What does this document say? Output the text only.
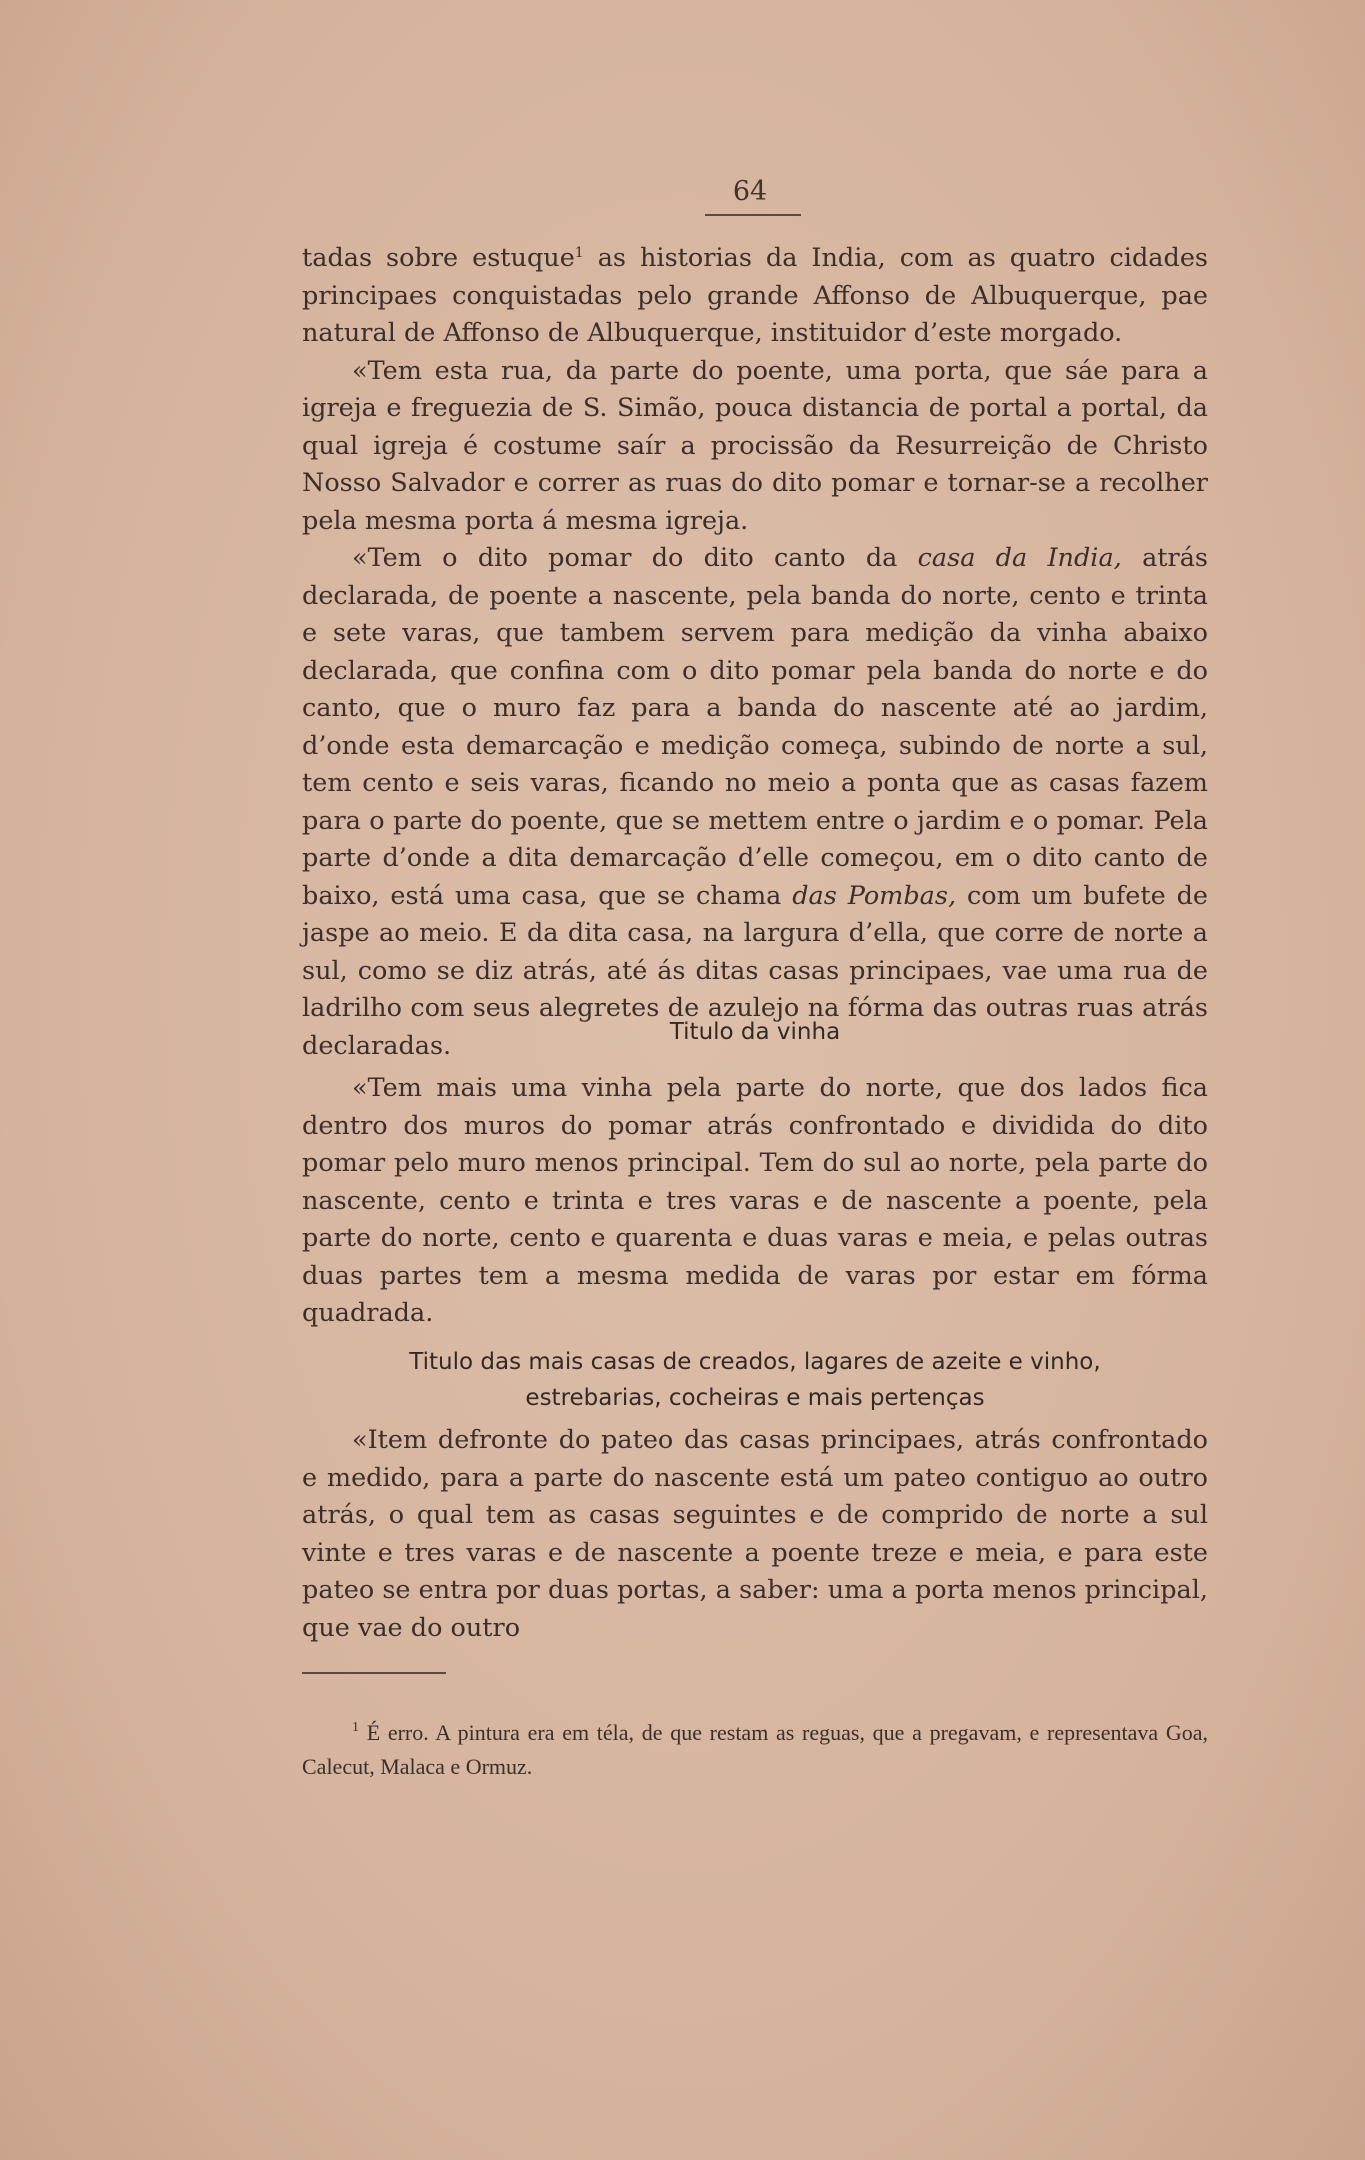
64

tadas sobre estuque$^1$ as historias da India, com as quatro cidades principaes conquistadas pelo grande Affonso de Albuquerque, pae natural de Affonso de Albuquerque, instituidor d’este morgado.

«Tem esta rua, da parte do poente, uma porta, que sáe para a igreja e freguezia de S. Simão, pouca distancia de portal a portal, da qual igreja é costume saír a procissão da Resurreição de Christo Nosso Salvador e correr as ruas do dito pomar e tornar-se a recolher pela mesma porta á mesma igreja.

«Tem o dito pomar do dito canto da casa da India, atrás declarada, de poente a nascente, pela banda do norte, cento e trinta e sete varas, que tambem servem para medição da vinha abaixo declarada, que confina com o dito pomar pela banda do norte e do canto, que o muro faz para a banda do nascente até ao jardim, d’onde esta demarcação e medição começa, subindo de norte a sul, tem cento e seis varas, ficando no meio a ponta que as casas fazem para o parte do poente, que se mettem entre o jardim e o pomar. Pela parte d’onde a dita demarcação d’elle começou, em o dito canto de baixo, está uma casa, que se chama das Pombas, com um bufete de jaspe ao meio. E da dita casa, na largura d’ella, que corre de norte a sul, como se diz atrás, até ás ditas casas principaes, vae uma rua de ladrilho com seus alegretes de azulejo na fórma das outras ruas atrás declaradas.	Titulo da vinha

«Tem mais uma vinha pela parte do norte, que dos lados fica dentro dos muros do pomar atrás confrontado e dividida do dito pomar pelo muro menos principal. Tem do sul ao norte, pela parte do nascente, cento e trinta e tres varas e de nascente a poente, pela parte do norte, cento e quarenta e duas varas e meia, e pelas outras duas partes tem a mesma medida de varas por estar em fórma quadrada.

Titulo das mais casas de creados, lagares de azeite e vinho,
estrebarias, cocheiras e mais pertenças

«Item defronte do pateo das casas principaes, atrás confrontado e medido, para a parte do nascente está um pateo contiguo ao outro atrás, o qual tem as casas seguintes e de comprido de norte a sul vinte e tres varas e de nascente a poente treze e meia, e para este pateo se entra por duas portas, a saber: uma a porta menos principal, que vae do outro

$^1$ É erro. A pintura era em téla, de que restam as reguas, que a pregavam, e representava Goa, Calecut, Malaca e Ormuz.
